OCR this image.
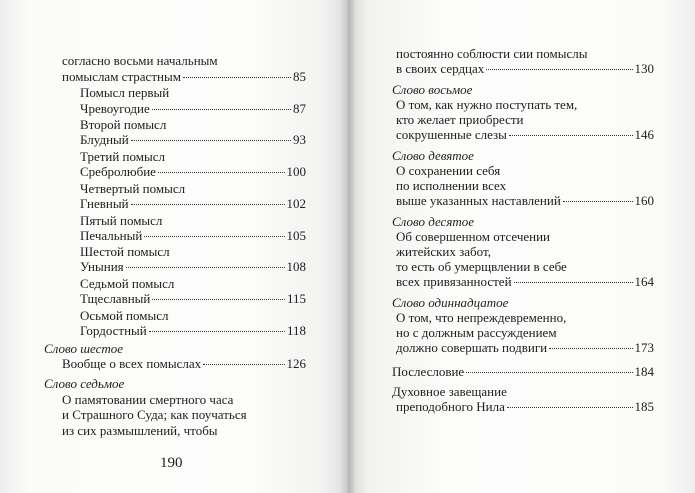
согласно восьми начальным
помыслам страстным	85
Помысл первый
Чревоугодие	87
Второй помысл
Блудный	93
Третий помысл
Сребролюбие	100
Четвертый помысл
Гневный	102
Пятый помысл
Печальный	105
Шестой помысл
Уныния	108
Седьмой помысл
Тщеславный	115
Осьмой помысл
Гордостный	118
Слово шестое
Вообще о всех помыслах	126
Слово седьмое
О памятовании смертного часа
и Страшного Суда; как поучаться
из сих размышлений, чтобы
190
постоянно соблюсти сии помыслы
в своих сердцах	130
Слово восьмое
О том, как нужно поступать тем,
кто желает приобрести
сокрушенные слезы	146
Слово девятое
О сохранении себя
по исполнении всех
выше указанных наставлений	160
Слово десятое
Об совершенном отсечении
житейских забот,
то есть об умерщвлении в себе
всех привязанностей	164
Слово одиннадцатое
О том, что непреждевременно,
но с должным рассуждением
должно совершать подвиги	173
Послесловие	184
Духовное завещание
преподобного Нила	185
